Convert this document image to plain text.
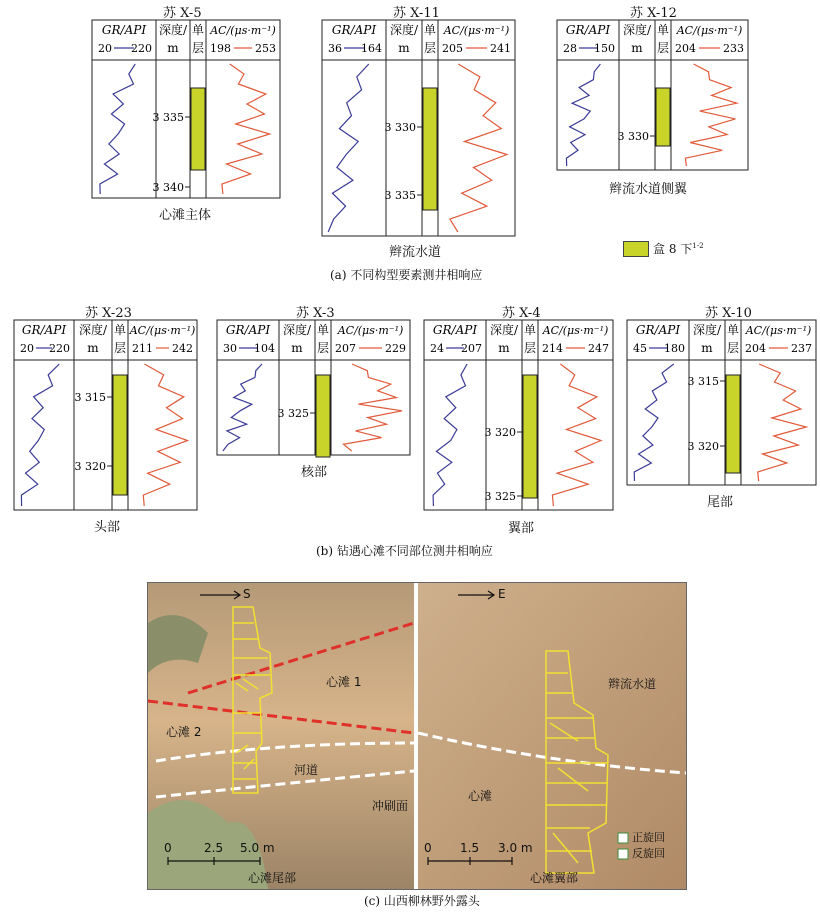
苏 X-5	苏 X-11	苏 X-12
GR/API
20 220
深度/
m
单
层
AC/(μs·m⁻¹)
198 253
3 335
3 340
GR/API
36 164
深度/
m
单
层
AC/(μs·m⁻¹)
205 241
3 330
3 335
GR/API
28 150
深度/
m
单
层
AC/(μs·m⁻¹)
204 233
3 330
GR/API
20 220
深度/
m
单
层
AC/(μs·m⁻¹)
211 242
3 315
3 320
GR/API
30 104
深度/
m
单
层
AC/(μs·m⁻¹)
207	229
3 325
GR/API
24 207
深度/
m
单
层
AC/(μs·m⁻¹)
214 247
3 320
3 325
GR/API
45 180
深度/
m
单
层
AC/(μs·m⁻¹)
204 237
3 315
3 320
心滩主体
辫流水道
辫流水道侧翼
盒 8 下$^{1-2}$
(a) 不同构型要素测井相响应
苏 X-23	苏 X-3	苏 X-4	苏 X-10
头部
核部
翼部
尾部
(b) 钻遇心滩不同部位测井相响应
S	E
心滩 1
心滩 2
河道
冲刷面
辫流水道
心滩
0	2.5 5.0 m	0 1.5 3.0 m
正旋回
反旋回
心滩尾部	心滩翼部
(c) 山西柳林野外露头
